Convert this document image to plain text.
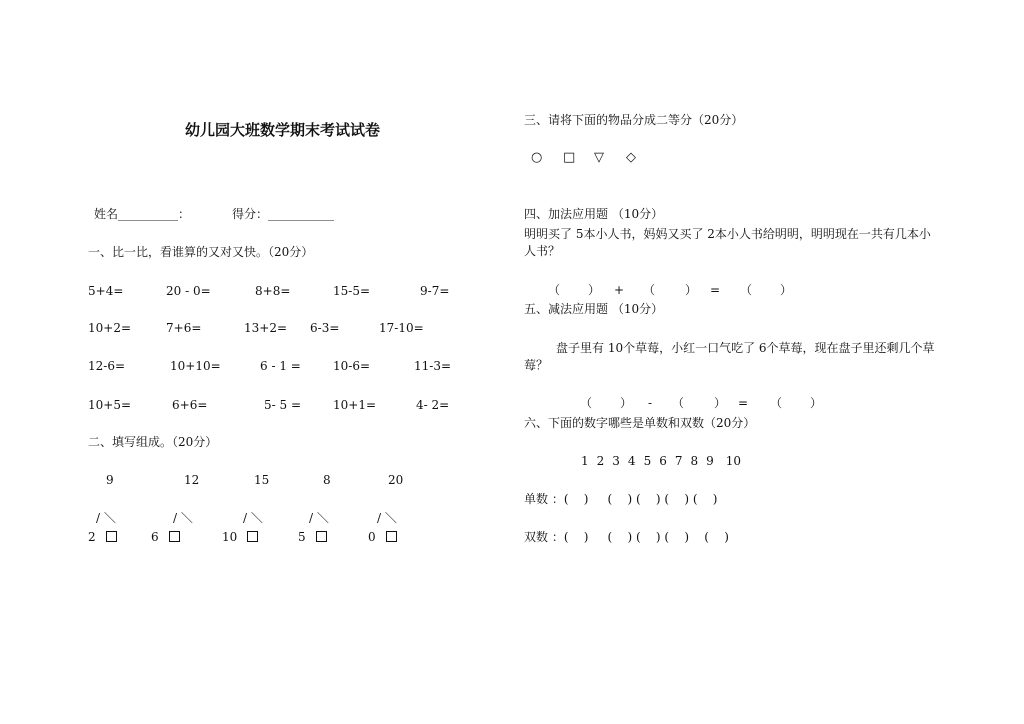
幼儿园大班数学期末考试试卷
姓名__________：	得分：___________
一、比一比，看谁算的又对又快。（20分）
5+4=	20 - 0=	8+8=	15-5=	9-7=
10+2=	7+6=	13+2= 6-3=	17-10=
12-6=	10+10=	6 - 1 =	10-6=	11-3=
10+5=	6+6=	5- 5 =	10+1=	4- 2=
二、填写组成。（20分）
9	12	15	8	20
/ ＼	/ ＼	/ ＼	/ ＼	/ ＼
2	6	10	5	0
三、请将下面的物品分成二等分（20分）
○ □ ▽ ◇
四、加法应用题 （10分）
明明买了 5本小人书，妈妈又买了 2本小人书给明明，明明现在一共有几本小人书？
（ ） + （ ） = （ ）
五、减法应用题 （10分）
盘子里有 10个草莓，小红一口气吃了 6个草莓，现在盘子里还剩几个草莓？
（ ） - （ ） = （ ）
六、下面的数字哪些是单数和双数（20分）
1 2 3 4 5 6 7 8 9 10
单数 ：(    )     (    ) (    ) (    ) (    )
双数 ：(    )     (    ) (    ) (    )    (    )
